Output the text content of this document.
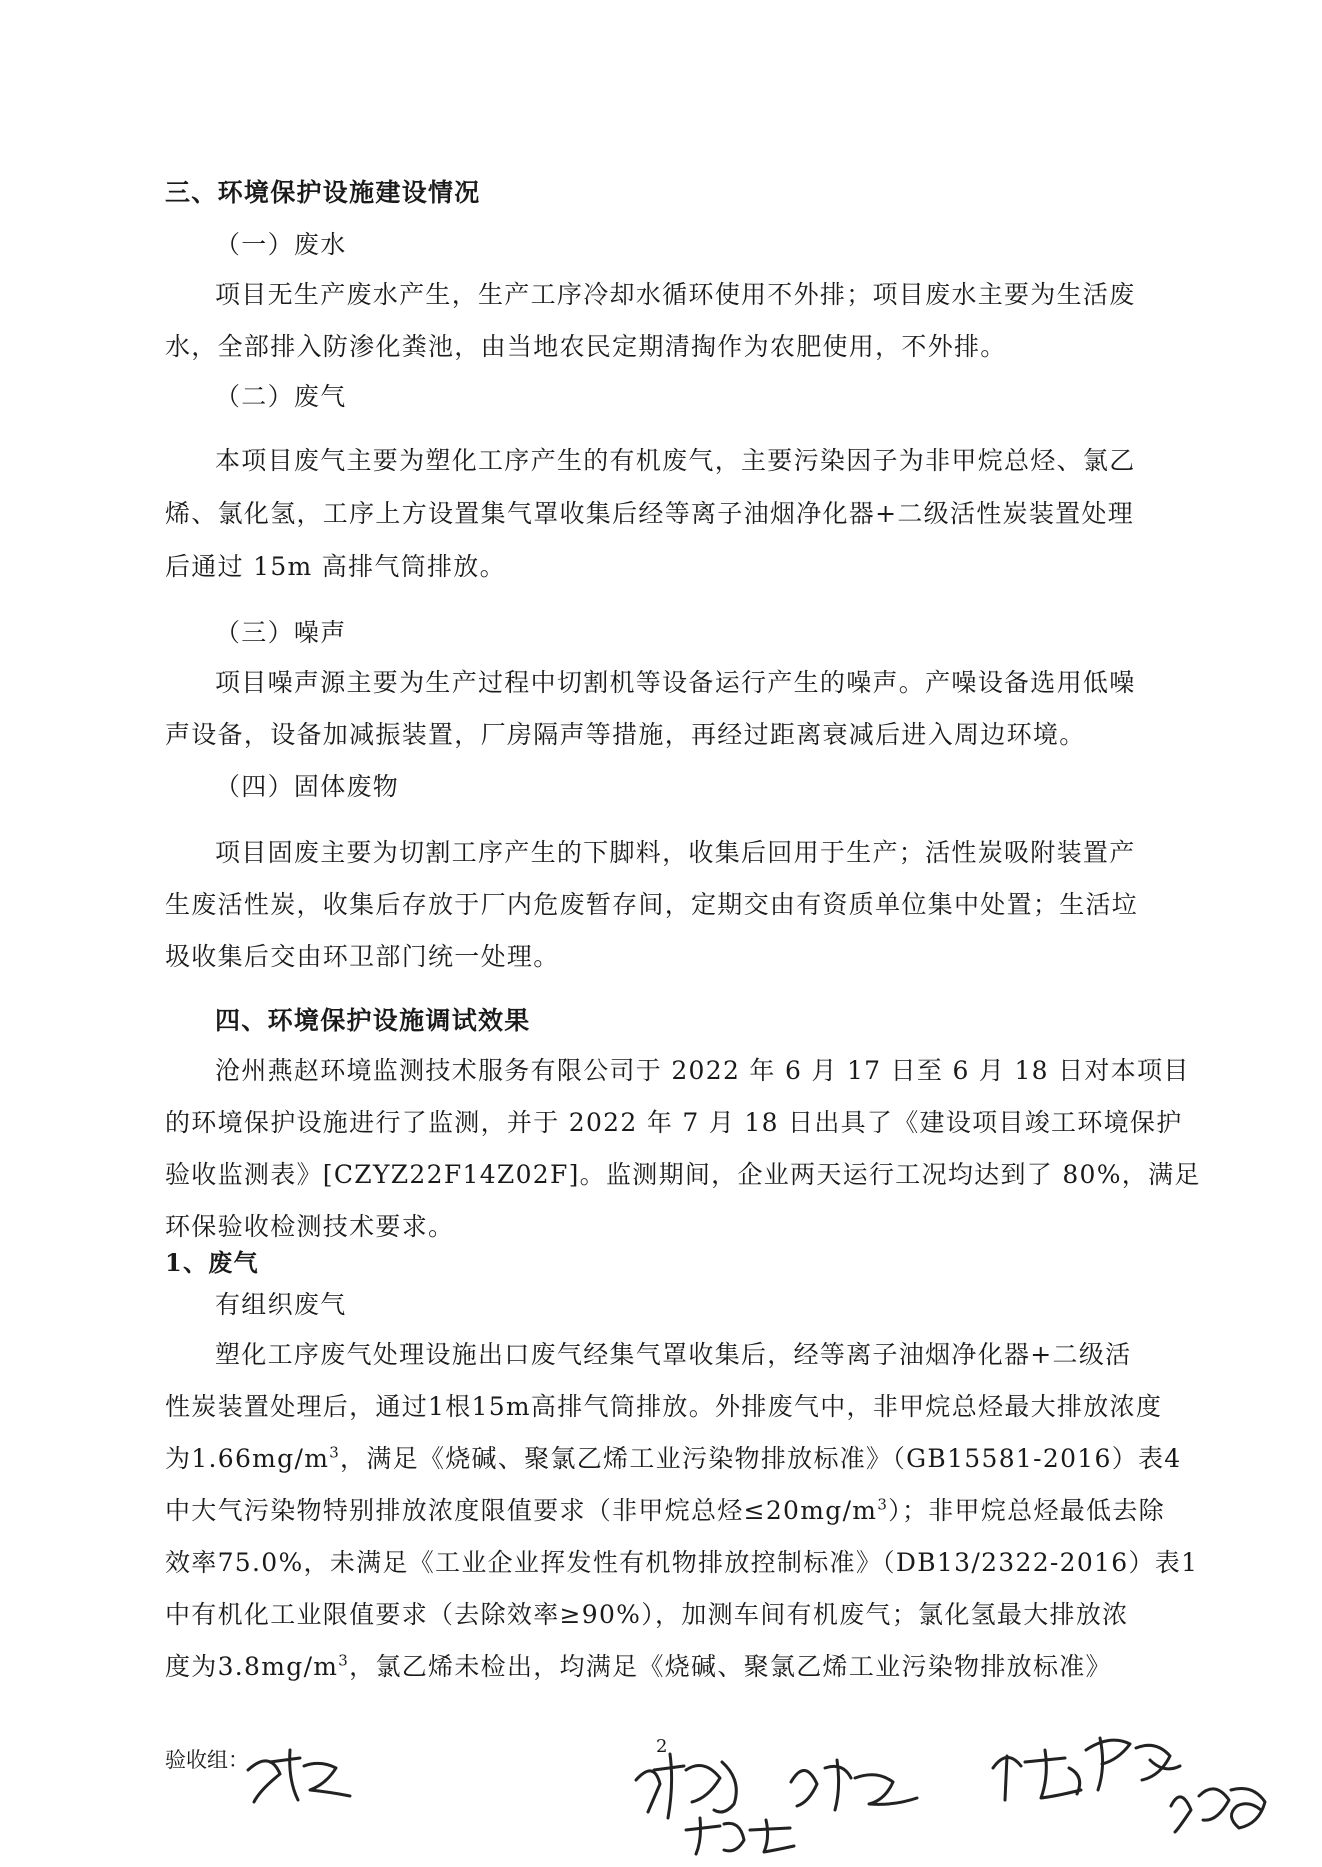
三、环境保护设施建设情况
（一）废水
项目无生产废水产生，生产工序冷却水循环使用不外排；项目废水主要为生活废
水，全部排入防渗化粪池，由当地农民定期清掏作为农肥使用，不外排。
（二）废气
本项目废气主要为塑化工序产生的有机废气，主要污染因子为非甲烷总烃、氯乙
烯、氯化氢，工序上方设置集气罩收集后经等离子油烟净化器+二级活性炭装置处理
后通过 15m 高排气筒排放。
（三）噪声
项目噪声源主要为生产过程中切割机等设备运行产生的噪声。产噪设备选用低噪
声设备，设备加减振装置，厂房隔声等措施，再经过距离衰减后进入周边环境。
（四）固体废物
项目固废主要为切割工序产生的下脚料，收集后回用于生产；活性炭吸附装置产
生废活性炭，收集后存放于厂内危废暂存间，定期交由有资质单位集中处置；生活垃
圾收集后交由环卫部门统一处理。
四、环境保护设施调试效果
沧州燕赵环境监测技术服务有限公司于 2022 年 6 月 17 日至 6 月 18 日对本项目
的环境保护设施进行了监测，并于 2022 年 7 月 18 日出具了《建设项目竣工环境保护
验收监测表》[CZYZ22F14Z02F]。监测期间，企业两天运行工况均达到了 80%，满足
环保验收检测技术要求。
1、废气
有组织废气
塑化工序废气处理设施出口废气经集气罩收集后，经等离子油烟净化器+二级活
性炭装置处理后，通过1根15m高排气筒排放。外排废气中，非甲烷总烃最大排放浓度
为$1.66mg/m^3$，满足《烧碱、聚氯乙烯工业污染物排放标准》（GB15581-2016）表4
中大气污染物特别排放浓度限值要求（非甲烷总烃$\le 20mg/m^3$）；非甲烷总烃最低去除
效率75.0%，未满足《工业企业挥发性有机物排放控制标准》（DB13/2322-2016）表1
中有机化工业限值要求（去除效率≥90%），加测车间有机废气；氯化氢最大排放浓
度为$3.8mg/m^3$，氯乙烯未检出，均满足《烧碱、聚氯乙烯工业污染物排放标准》
2
验收组：
